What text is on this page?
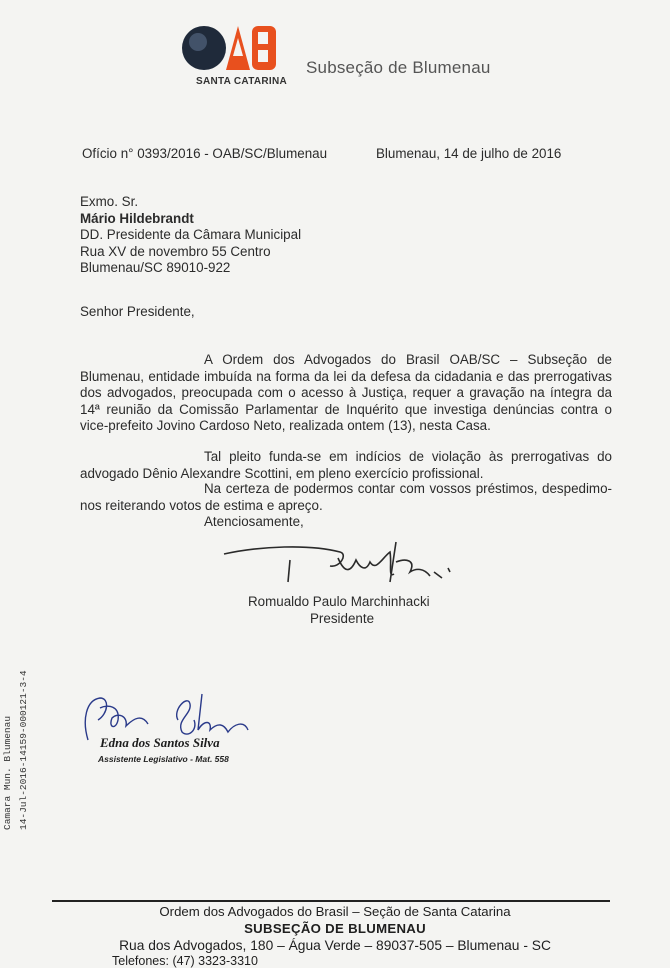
SANTA CATARINA
Subseção de Blumenau
Ofício n° 0393/2016 - OAB/SC/Blumenau	Blumenau, 14 de julho de 2016
Exmo. Sr.
Mário Hildebrandt
DD. Presidente da Câmara Municipal
Rua XV de novembro 55 Centro
Blumenau/SC 89010-922
Senhor Presidente,
A Ordem dos Advogados do Brasil OAB/SC – Subseção de Blumenau, entidade imbuída na forma da lei da defesa da cidadania e das prerrogativas dos advogados, preocupada com o acesso à Justiça, requer a gravação na íntegra da 14ª reunião da Comissão Parlamentar de Inquérito que investiga denúncias contra o vice-prefeito Jovino Cardoso Neto, realizada ontem (13), nesta Casa.
Tal pleito funda-se em indícios de violação às prerrogativas do advogado Dênio Alexandre Scottini, em pleno exercício profissional.
Na certeza de podermos contar com vossos préstimos, despedimo-nos reiterando votos de estima e apreço.
Atenciosamente,
Romualdo Paulo Marchinhacki
Presidente
14-Jul-2016-14159-000121-3-4
Camara Mun. Blumenau	Edna dos Santos Silva
Assistente Legislativo - Mat. 558
Ordem dos Advogados do Brasil – Seção de Santa Catarina
SUBSEÇÃO DE BLUMENAU
Rua dos Advogados, 180 – Água Verde – 89037-505 – Blumenau - SC
Telefones: (47) 3323-3310
